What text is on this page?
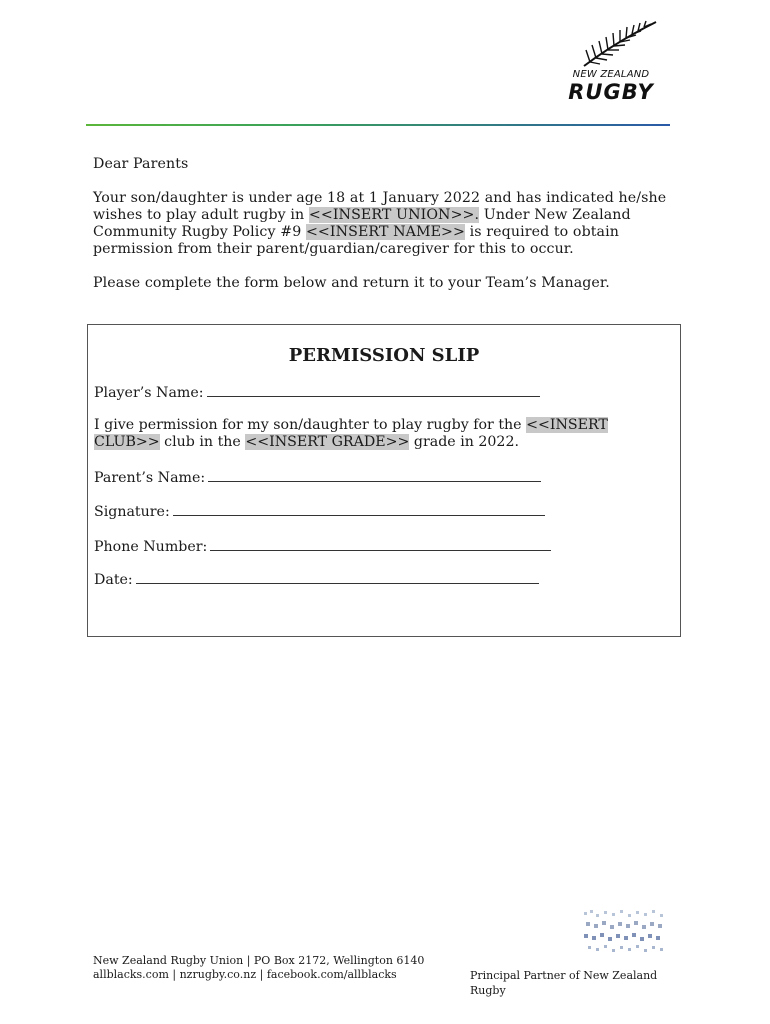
NEW ZEALAND
RUGBY
Dear Parents
Your son/daughter is under age 18 at 1 January 2022 and has indicated he/she wishes to play adult rugby in <<INSERT UNION>>. Under New Zealand Community Rugby Policy #9 <<INSERT NAME>> is required to obtain permission from their parent/guardian/caregiver for this to occur.
Please complete the form below and return it to your Team’s Manager.
PERMISSION SLIP
Player’s Name:
I give permission for my son/daughter to play rugby for the <<INSERT CLUB>> club in the <<INSERT GRADE>> grade in 2022.
Parent’s Name:
Signature:
Phone Number:
Date:
New Zealand Rugby Union | PO Box 2172, Wellington 6140
allblacks.com | nzrugby.co.nz | facebook.com/allblacks	Principal Partner of New Zealand Rugby
